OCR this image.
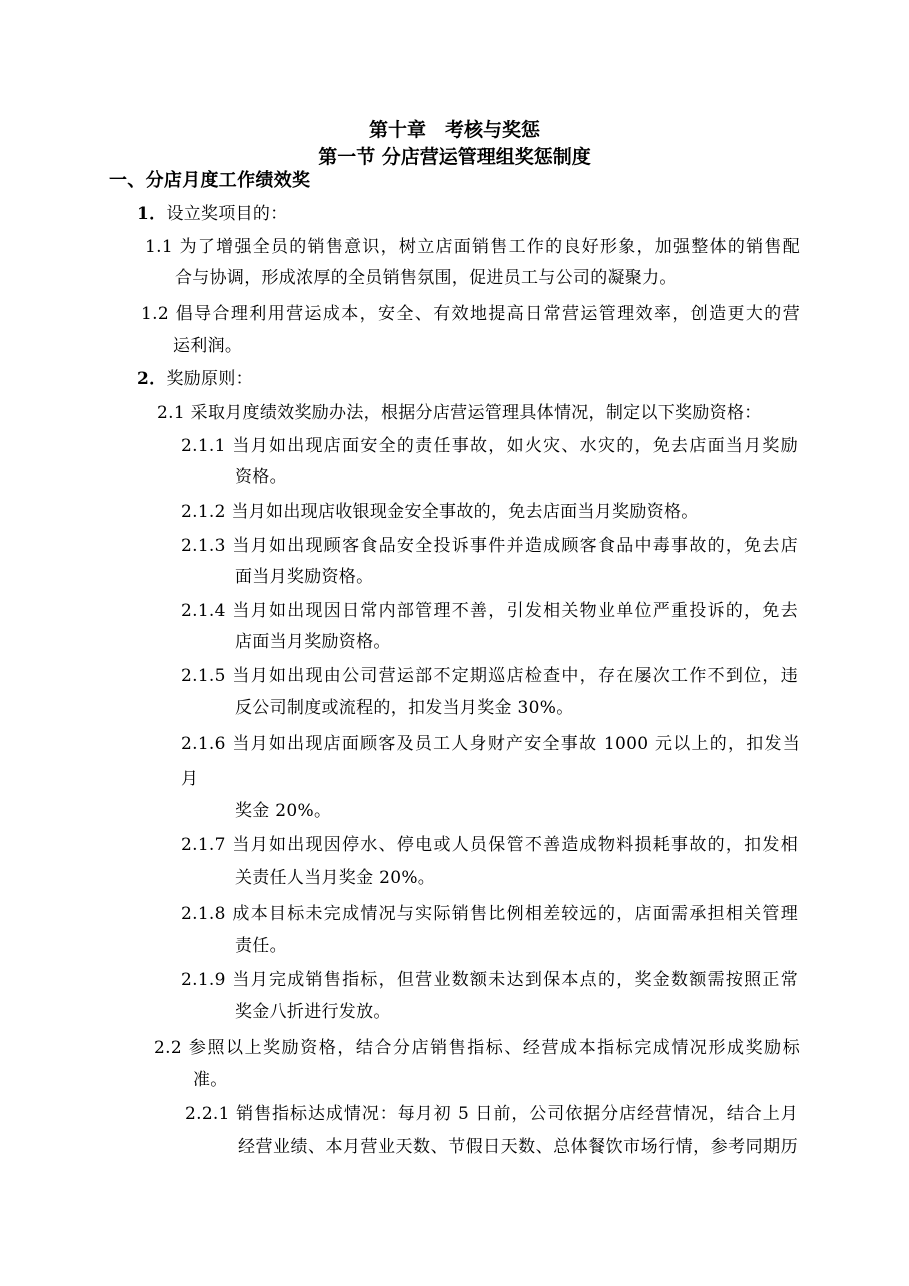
第十章　考核与奖惩
第一节 分店营运管理组奖惩制度
一、分店月度工作绩效奖
1．设立奖项目的：
1.1 为了增强全员的销售意识，树立店面销售工作的良好形象，加强整体的销售配
合与协调，形成浓厚的全员销售氛围，促进员工与公司的凝聚力。
1.2 倡导合理利用营运成本，安全、有效地提高日常营运管理效率，创造更大的营
运利润。
2．奖励原则：
2.1 采取月度绩效奖励办法，根据分店营运管理具体情况，制定以下奖励资格：
2.1.1 当月如出现店面安全的责任事故，如火灾、水灾的，免去店面当月奖励
资格。
2.1.2 当月如出现店收银现金安全事故的，免去店面当月奖励资格。
2.1.3 当月如出现顾客食品安全投诉事件并造成顾客食品中毒事故的，免去店
面当月奖励资格。
2.1.4 当月如出现因日常内部管理不善，引发相关物业单位严重投诉的，免去
店面当月奖励资格。
2.1.5 当月如出现由公司营运部不定期巡店检查中，存在屡次工作不到位，违
反公司制度或流程的，扣发当月奖金 30%。
2.1.6 当月如出现店面顾客及员工人身财产安全事故 1000 元以上的，扣发当
月
奖金 20%。
2.1.7 当月如出现因停水、停电或人员保管不善造成物料损耗事故的，扣发相
关责任人当月奖金 20%。
2.1.8 成本目标未完成情况与实际销售比例相差较远的，店面需承担相关管理
责任。
2.1.9 当月完成销售指标，但营业数额未达到保本点的，奖金数额需按照正常
奖金八折进行发放。
2.2 参照以上奖励资格，结合分店销售指标、经营成本指标完成情况形成奖励标
准。
2.2.1 销售指标达成情况：每月初 5 日前，公司依据分店经营情况，结合上月
经营业绩、本月营业天数、节假日天数、总体餐饮市场行情，参考同期历
